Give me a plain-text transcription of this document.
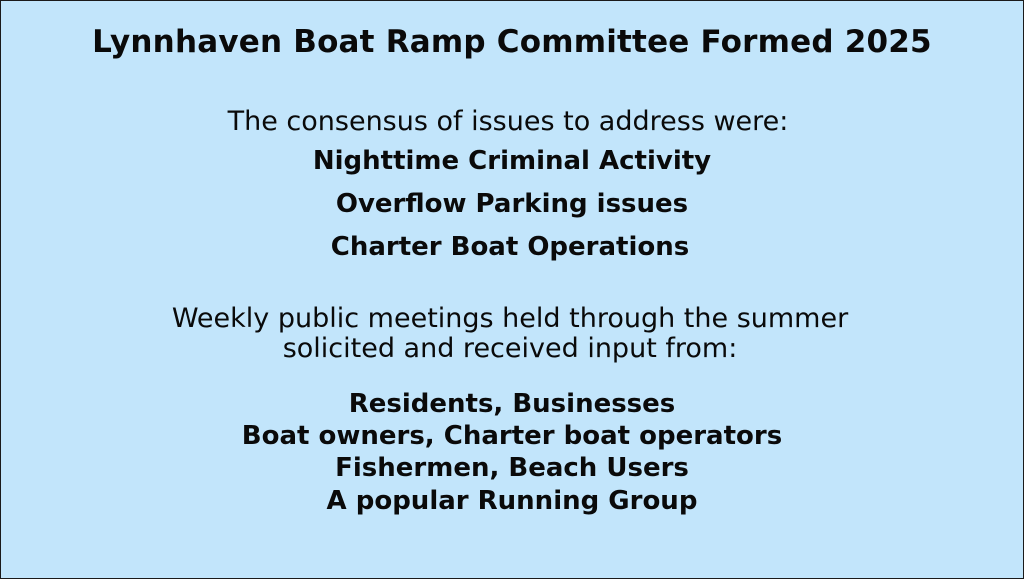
Lynnhaven Boat Ramp Committee Formed 2025
The consensus of issues to address were:
Nighttime Criminal Activity
Overflow Parking issues
Charter Boat Operations
Weekly public meetings held through the summer
solicited and received input from:
Residents, Businesses
Boat owners, Charter boat operators
Fishermen, Beach Users
A popular Running Group
